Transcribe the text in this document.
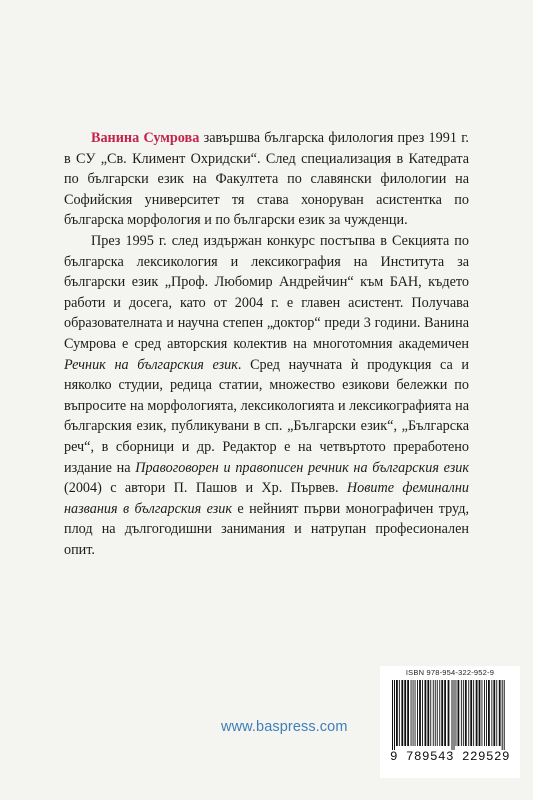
Ванина Сумрова завършва българска филология през 1991 г. в СУ „Св. Климент Охридски“. След специализация в Катедрата по български език на Факултета по славянски филологии на Софийския университет тя става хоноруван асистентка по българска морфология и по български език за чужденци.

През 1995 г. след издържан конкурс постъпва в Секцията по българска лексикология и лексикография на Института за български език „Проф. Любомир Андрейчин“ към БАН, където работи и досега, като от 2004 г. е главен асистент. Получава образователната и научна степен „доктор“ преди 3 години. Ванина Сумрова е сред авторския колектив на многотомния академичен Речник на българския език. Сред научната ѝ продукция са и няколко студии, редица статии, множество езикови бележки по въпросите на морфологията, лексикологията и лексикографията на българския език, публикувани в сп. „Български език“, „Българска реч“, в сборници и др. Редактор е на четвъртото преработено издание на Правоговорен и правописен речник на българския език (2004) с автори П. Пашов и Хр. Първев. Новите феминални названия в българския език е нейният първи монографичен труд, плод на дългогодишни занимания и натрупан професионален опит.

www.baspress.com
ISBN 978-954-322-952-9
9 789543 229529
